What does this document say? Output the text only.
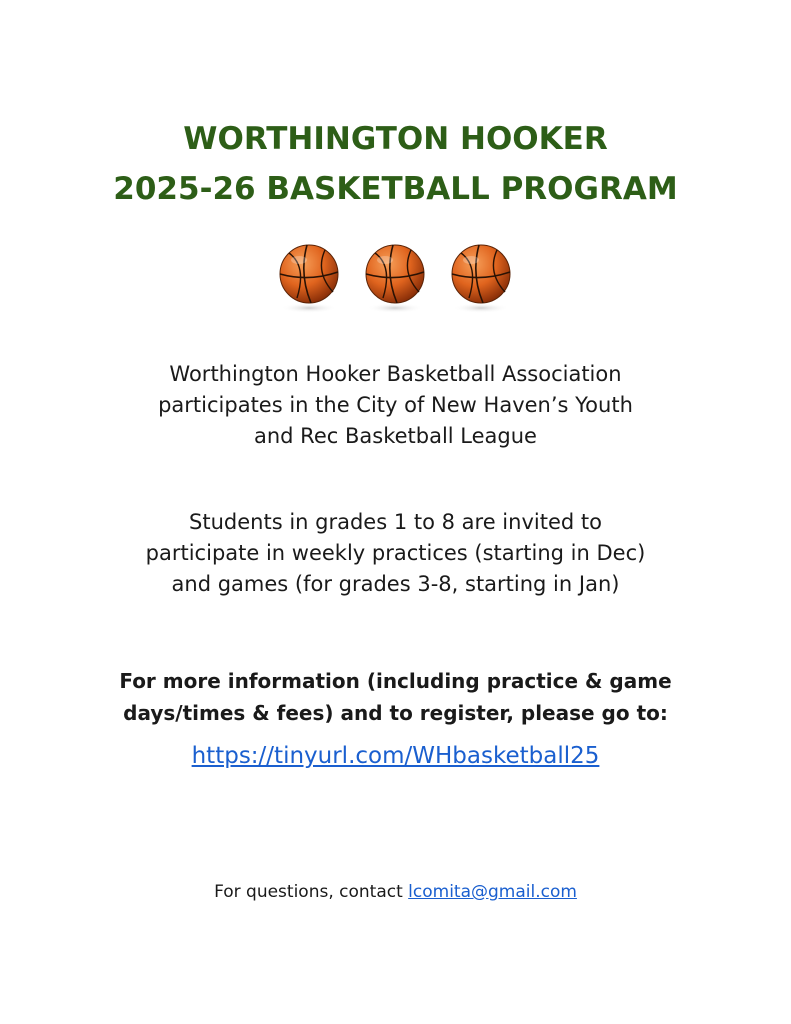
WORTHINGTON HOOKER
2025-26 BASKETBALL PROGRAM
Worthington Hooker Basketball Association
participates in the City of New Haven’s Youth
and Rec Basketball League
Students in grades 1 to 8 are invited to
participate in weekly practices (starting in Dec)
and games (for grades 3-8, starting in Jan)
For more information (including practice & game
days/times & fees) and to register, please go to:
https://tinyurl.com/WHbasketball25
For questions, contact lcomita@gmail.com
